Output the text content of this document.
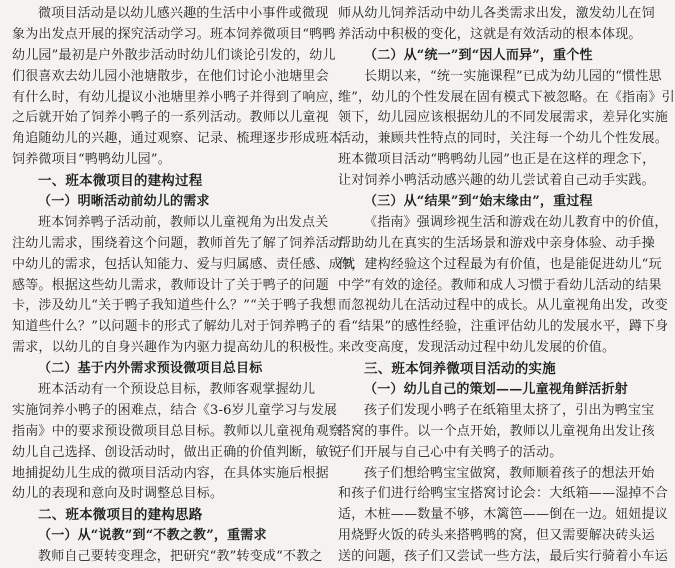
微项目活动是以幼儿感兴趣的生活中小事件或微现
象为出发点开展的探究活动学习。班本饲养微项目“鸭鸭
幼儿园”最初是户外散步活动时幼儿们谈论引发的，幼儿
们很喜欢去幼儿园小池塘散步，在他们讨论小池塘里会
有什么时，有幼儿提议小池塘里养小鸭子并得到了响应，
之后就开始了饲养小鸭子的一系列活动。教师以儿童视
角追随幼儿的兴趣，通过观察、记录、梳理逐步形成班本
饲养微项目“鸭鸭幼儿园”。
一、班本微项目的建构过程
（一）明晰活动前幼儿的需求
班本饲养鸭子活动前，教师以儿童视角为出发点关
注幼儿需求，围绕着这个问题，教师首先了解了饲养活动
中幼儿的需求，包括认知能力、爱与归属感、责任感、成就
感等。根据这些幼儿需求，教师设计了关于鸭子的问题
卡，涉及幼儿“关于鸭子我知道些什么？”“关于鸭子我想
知道些什么？”以问题卡的形式了解幼儿对于饲养鸭子的
需求，以幼儿的自身兴趣作为内驱力提高幼儿的积极性。
（二）基于内外需求预设微项目总目标
班本活动有一个预设总目标，教师客观掌握幼儿
实施饲养小鸭子的困难点，结合《3-6岁儿童学习与发展
指南》中的要求预设微项目总目标。教师以儿童视角观察
幼儿自己选择、创设活动时，做出正确的价值判断，敏锐
地捕捉幼儿生成的微项目活动内容，在具体实施后根据
幼儿的表现和意向及时调整总目标。
二、班本微项目的建构思路
（一）从“说教”到“不教之教”，重需求
教师自己要转变理念，把研究“教”转变成“不教之
师从幼儿饲养活动中幼儿各类需求出发，激发幼儿在饲
养活动中积极的变化，这就是有效活动的根本体现。
（二）从“统一”到“因人而异”，重个性
长期以来，“统一实施课程”已成为幼儿园的“惯性思
维”，幼儿的个性发展在固有模式下被忽略。在《指南》引
领下，幼儿园应该根据幼儿的不同发展需求，差异化实施
活动，兼顾共性特点的同时，关注每一个幼儿个性发展。
班本微项目活动“鸭鸭幼儿园”也正是在这样的理念下，
让对饲养小鸭活动感兴趣的幼儿尝试着自己动手实践。
（三）从“结果”到“始末缘由”，重过程
《指南》强调珍视生活和游戏在幼儿教育中的价值，
帮助幼儿在真实的生活场景和游戏中亲身体验、动手操
作，建构经验这个过程最为有价值，也是能促进幼儿“玩
中学”有效的途径。教师和成人习惯于看幼儿活动的结果
而忽视幼儿在活动过程中的成长。从儿童视角出发，改变
看“结果”的感性经验，注重评估幼儿的发展水平，蹲下身
来改变高度，发现活动过程中幼儿发展的价值。
三、班本饲养微项目活动的实施
（一）幼儿自己的策划——儿童视角鲜活折射
孩子们发现小鸭子在纸箱里太挤了，引出为鸭宝宝
搭窝的事件。以一个点开始，教师以儿童视角出发让孩
子们开展与自己心中有关鸭子的活动。
孩子们想给鸭宝宝做窝，教师顺着孩子的想法开始
和孩子们进行给鸭宝宝搭窝讨论会：大纸箱——湿掉不合
适，木桩——数量不够，木篱笆——倒在一边。妞妞提议
用烧野火饭的砖头来搭鸭鸭的窝，但又需要解决砖头运
送的问题，孩子们又尝试一些方法，最后实行骑着小车运
